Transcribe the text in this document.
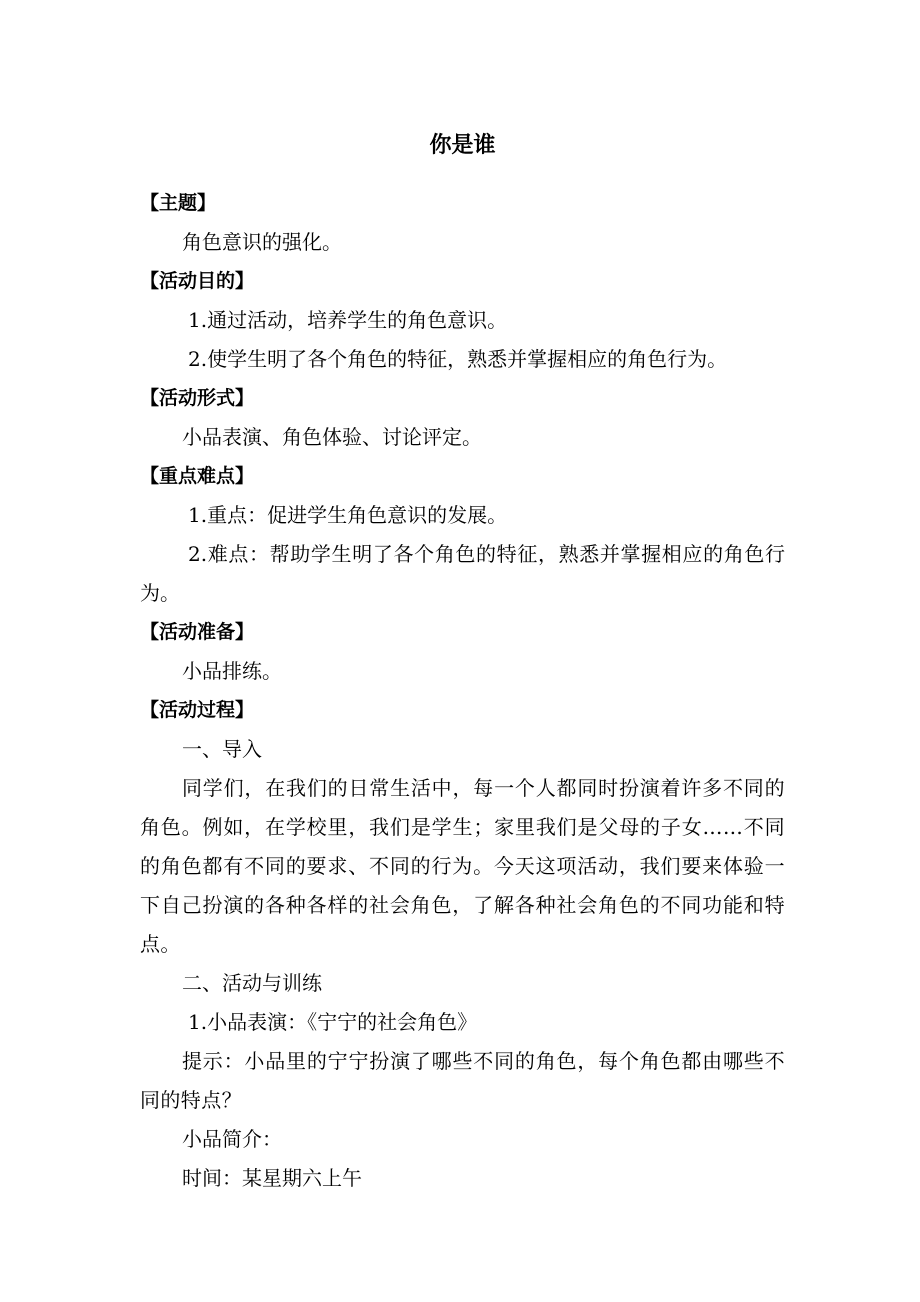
你是谁
【主题】
角色意识的强化。
【活动目的】
1.通过活动，培养学生的角色意识。
2.使学生明了各个角色的特征，熟悉并掌握相应的角色行为。
【活动形式】
小品表演、角色体验、讨论评定。
【重点难点】
1.重点：促进学生角色意识的发展。
2.难点：帮助学生明了各个角色的特征，熟悉并掌握相应的角色行为。
【活动准备】
小品排练。
【活动过程】
一、导入
同学们，在我们的日常生活中，每一个人都同时扮演着许多不同的角色。例如，在学校里，我们是学生；家里我们是父母的子女……不同的角色都有不同的要求、不同的行为。今天这项活动，我们要来体验一下自己扮演的各种各样的社会角色，了解各种社会角色的不同功能和特点。
二、活动与训练
1.小品表演：《宁宁的社会角色》
提示：小品里的宁宁扮演了哪些不同的角色，每个角色都由哪些不同的特点？
小品简介：
时间：某星期六上午
